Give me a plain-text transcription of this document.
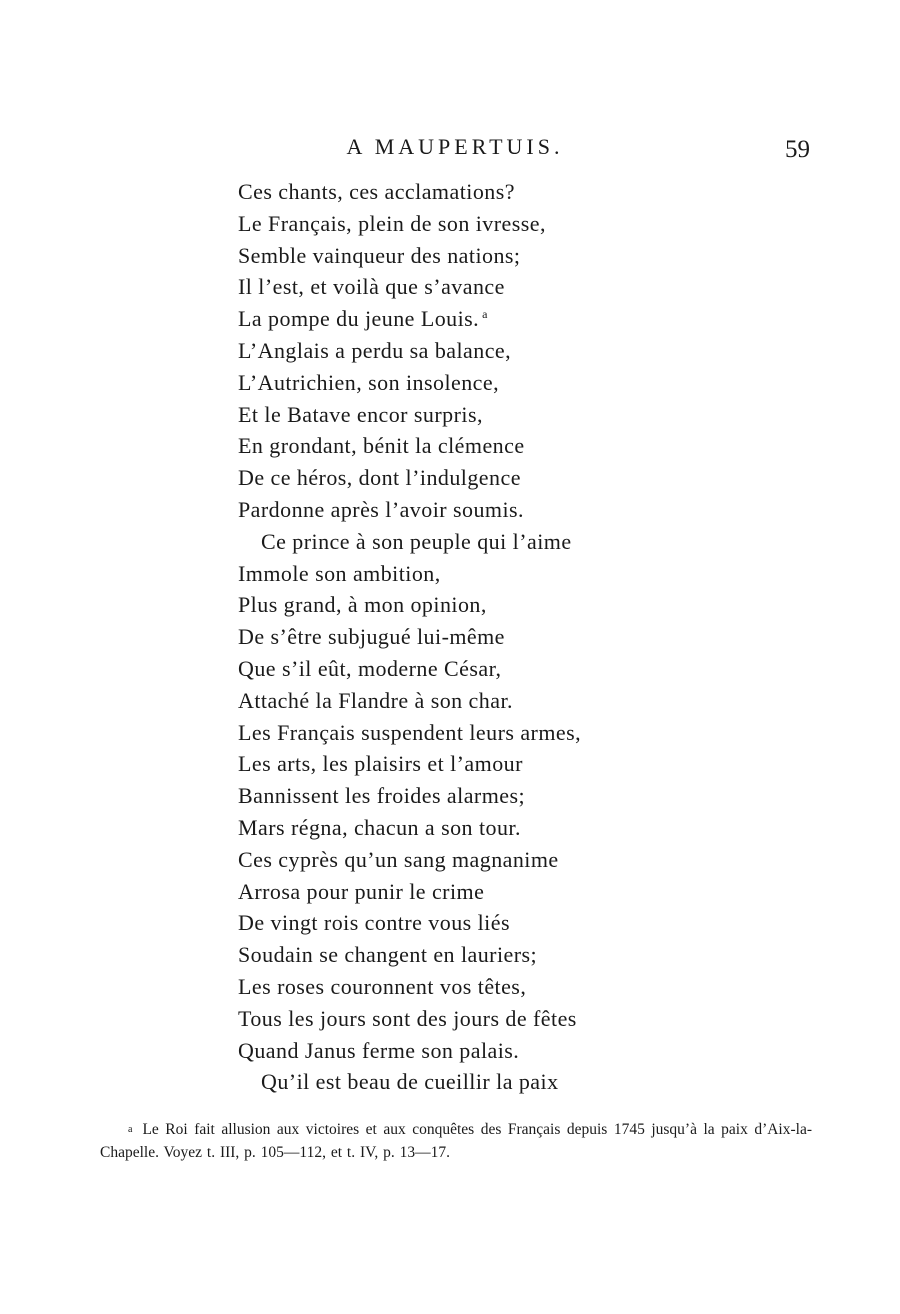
A MAUPERTUIS.	59
Ces chants, ces acclamations?
Le Français, plein de son ivresse,
Semble vainqueur des nations;
Il l’est, et voilà que s’avance
La pompe du jeune Louis. $^a$
L’Anglais a perdu sa balance,
L’Autrichien, son insolence,
Et le Batave encor surpris,
En grondant, bénit la clémence
De ce héros, dont l’indulgence
Pardonne après l’avoir soumis.
Ce prince à son peuple qui l’aime
Immole son ambition,
Plus grand, à mon opinion,
De s’être subjugué lui-même
Que s’il eût, moderne César,
Attaché la Flandre à son char.
Les Français suspendent leurs armes,
Les arts, les plaisirs et l’amour
Bannissent les froides alarmes;
Mars régna, chacun a son tour.
Ces cyprès qu’un sang magnanime
Arrosa pour punir le crime
De vingt rois contre vous liés
Soudain se changent en lauriers;
Les roses couronnent vos têtes,
Tous les jours sont des jours de fêtes
Quand Janus ferme son palais.
Qu’il est beau de cueillir la paix
$^a$ Le Roi fait allusion aux victoires et aux conquêtes des Français depuis 1745 jusqu’à la paix d’Aix-la-Chapelle. Voyez t. III, p. 105—112, et t. IV, p. 13—17.
